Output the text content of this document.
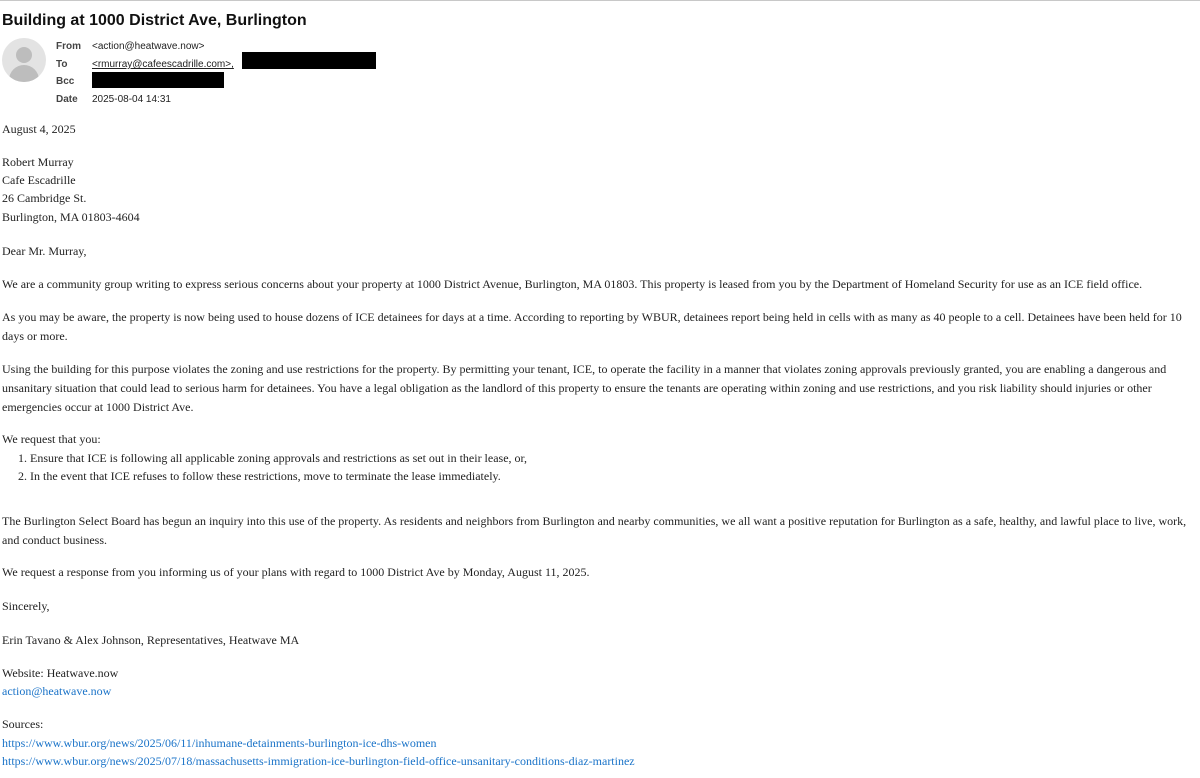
Building at 1000 District Ave, Burlington
From <action@heatwave.now>
To <rmurray@cafeescadrille.com>,
Bcc
Date 2025-08-04 14:31
August 4, 2025
Robert Murray
Cafe Escadrille
26 Cambridge St.
Burlington, MA 01803-4604
Dear Mr. Murray,
We are a community group writing to express serious concerns about your property at 1000 District Avenue, Burlington, MA 01803. This property is leased from you by the Department of Homeland Security for use as an ICE field office.
As you may be aware, the property is now being used to house dozens of ICE detainees for days at a time. According to reporting by WBUR, detainees report being held in cells with as many as 40 people to a cell. Detainees have been held for 10 days or more.
Using the building for this purpose violates the zoning and use restrictions for the property. By permitting your tenant, ICE, to operate the facility in a manner that violates zoning approvals previously granted, you are enabling a dangerous and unsanitary situation that could lead to serious harm for detainees. You have a legal obligation as the landlord of this property to ensure the tenants are operating within zoning and use restrictions, and you risk liability should injuries or other emergencies occur at 1000 District Ave.
We request that you:
1. Ensure that ICE is following all applicable zoning approvals and restrictions as set out in their lease, or,
2. In the event that ICE refuses to follow these restrictions, move to terminate the lease immediately.
The Burlington Select Board has begun an inquiry into this use of the property. As residents and neighbors from Burlington and nearby communities, we all want a positive reputation for Burlington as a safe, healthy, and lawful place to live, work, and conduct business.
We request a response from you informing us of your plans with regard to 1000 District Ave by Monday, August 11, 2025.
Sincerely,
Erin Tavano & Alex Johnson, Representatives, Heatwave MA
Website: Heatwave.now
action@heatwave.now
Sources:
https://www.wbur.org/news/2025/06/11/inhumane-detainments-burlington-ice-dhs-women
https://www.wbur.org/news/2025/07/18/massachusetts-immigration-ice-burlington-field-office-unsanitary-conditions-diaz-martinez
